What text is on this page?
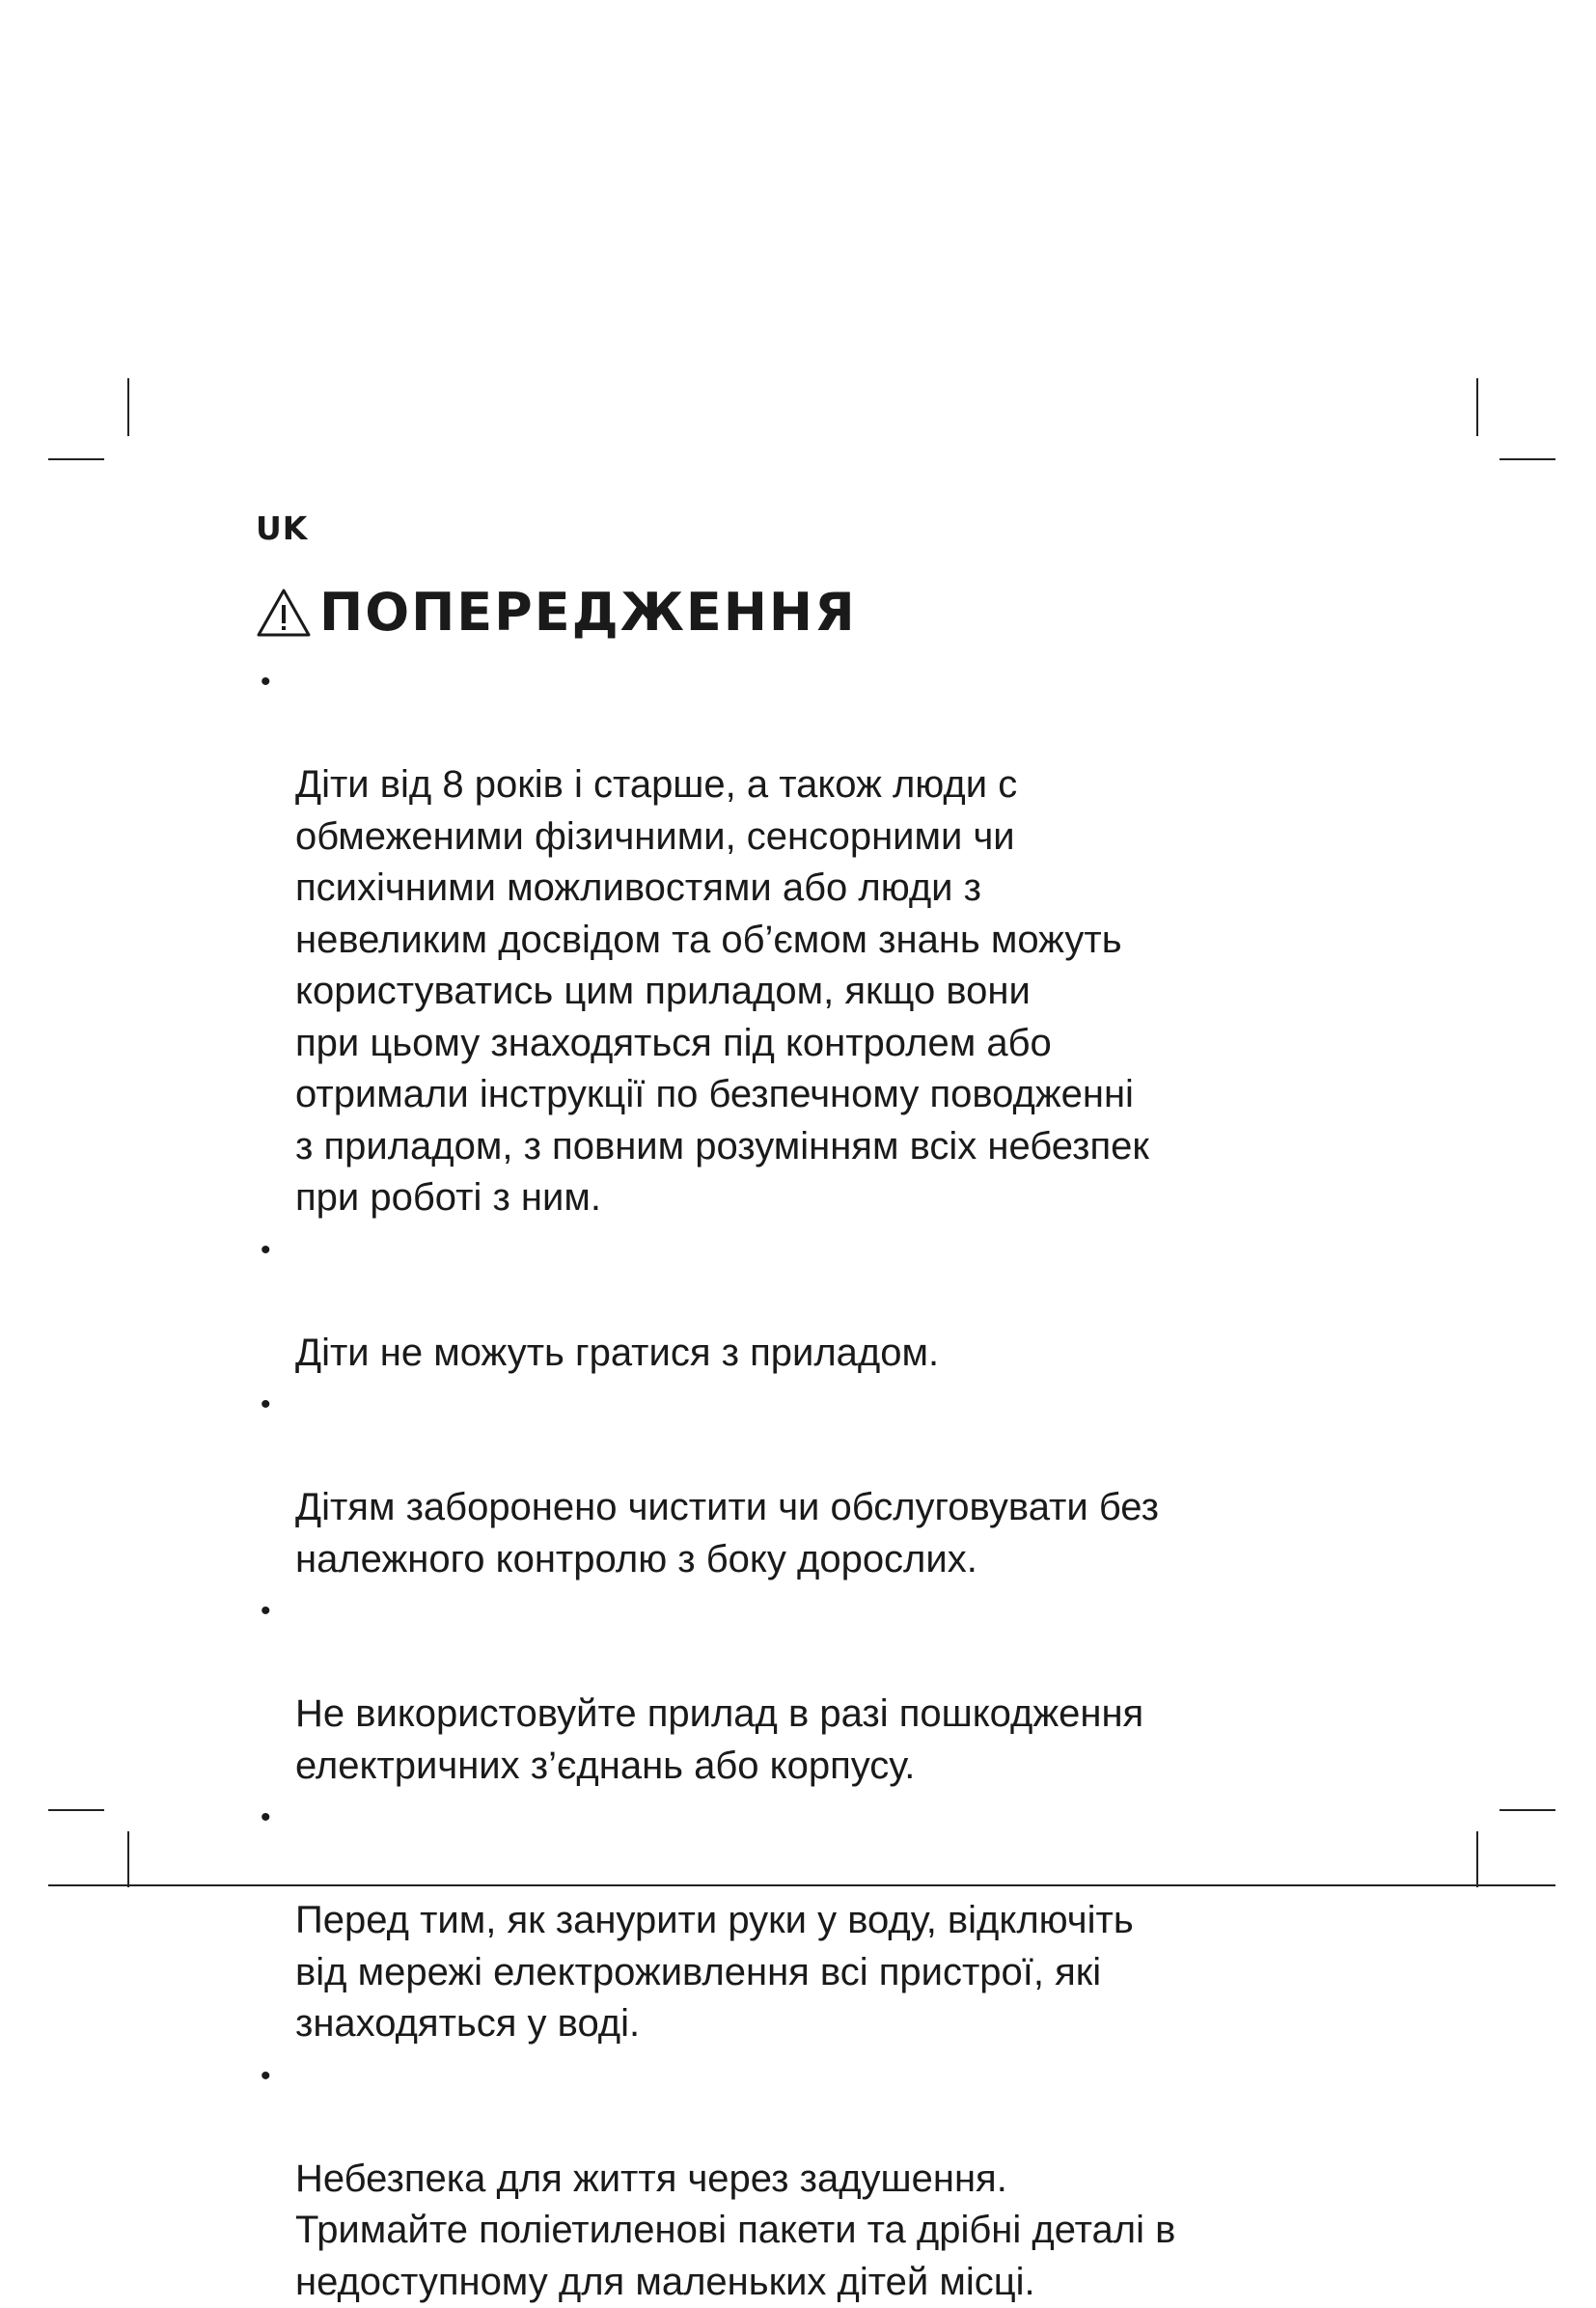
UK
ПОПЕРЕДЖЕННЯ

•

Діти від 8 років і старше, а також люди с
обмеженими фізичними, сенсорними чи
психічними можливостями або люди з
невеликим досвідом та об’ємом знань можуть
користуватись цим приладом, якщо вони
при цьому знаходяться під контролем або
отримали інструкції по безпечному поводженні
з приладом, з повним розумінням всіх небезпек
при роботі з ним.

•

Діти не можуть гратися з приладом.

•

Дітям заборонено чистити чи обслуговувати без
належного контролю з боку дорослих.

•

Не використовуйте прилад в разі пошкодження
електричних з’єднань або корпусу.

•

Перед тим, як занурити руки у воду, відключіть
від мережі електроживлення всі пристрої, які
знаходяться у воді.

•

Небезпека для життя через задушення.
Тримайте поліетиленові пакети та дрібні деталі в
недоступному для маленьких дітей місці.
